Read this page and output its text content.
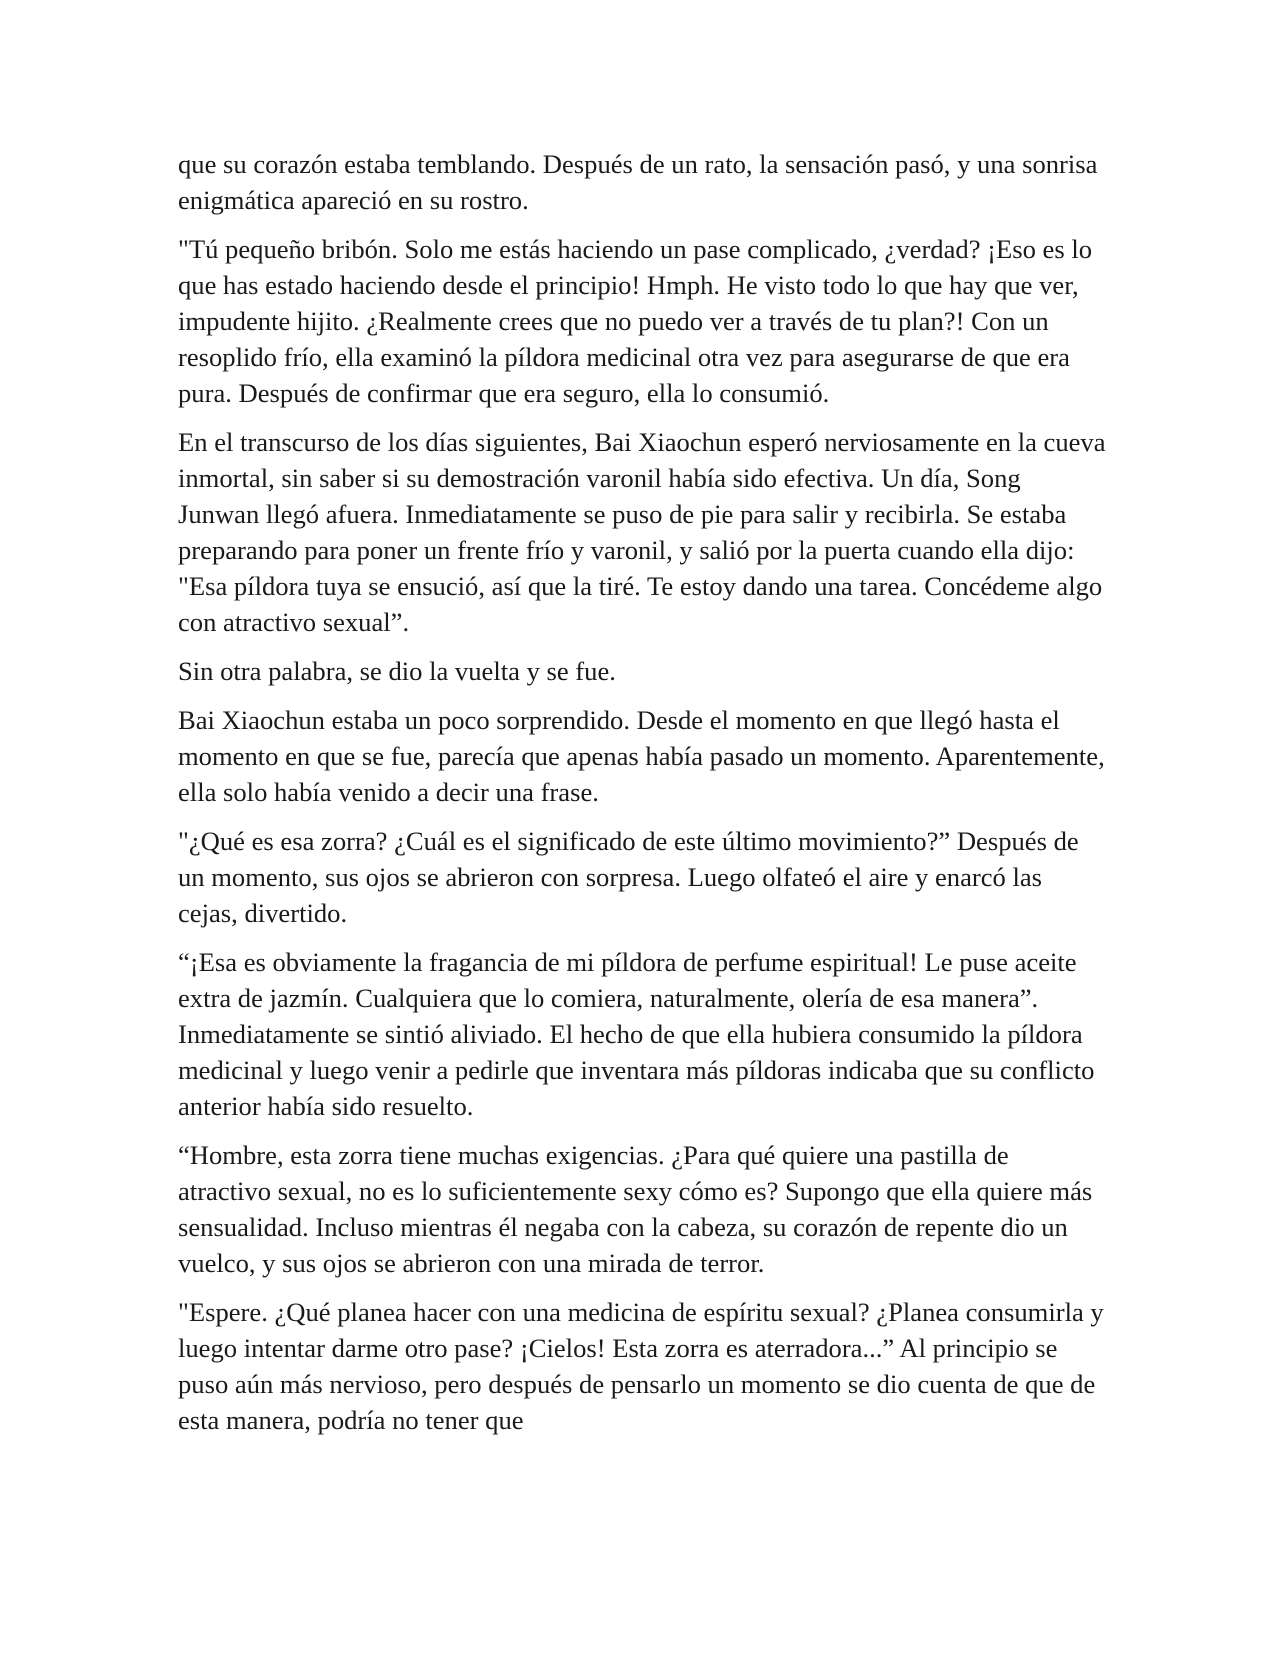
que su corazón estaba temblando. Después de un rato, la sensación pasó, y una sonrisa enigmática apareció en su rostro.

"Tú pequeño bribón. Solo me estás haciendo un pase complicado, ¿verdad? ¡Eso es lo que has estado haciendo desde el principio! Hmph. He visto todo lo que hay que ver, impudente hijito. ¿Realmente crees que no puedo ver a través de tu plan?! Con un resoplido frío, ella examinó la píldora medicinal otra vez para asegurarse de que era pura. Después de confirmar que era seguro, ella lo consumió.

En el transcurso de los días siguientes, Bai Xiaochun esperó nerviosamente en la cueva inmortal, sin saber si su demostración varonil había sido efectiva. Un día, Song Junwan llegó afuera. Inmediatamente se puso de pie para salir y recibirla. Se estaba preparando para poner un frente frío y varonil, y salió por la puerta cuando ella dijo: "Esa píldora tuya se ensució, así que la tiré. Te estoy dando una tarea. Concédeme algo con atractivo sexual”.

Sin otra palabra, se dio la vuelta y se fue.

Bai Xiaochun estaba un poco sorprendido. Desde el momento en que llegó hasta el momento en que se fue, parecía que apenas había pasado un momento. Aparentemente, ella solo había venido a decir una frase.

"¿Qué es esa zorra? ¿Cuál es el significado de este último movimiento?” Después de un momento, sus ojos se abrieron con sorpresa. Luego olfateó el aire y enarcó las cejas, divertido.

“¡Esa es obviamente la fragancia de mi píldora de perfume espiritual! Le puse aceite extra de jazmín. Cualquiera que lo comiera, naturalmente, olería de esa manera”. Inmediatamente se sintió aliviado. El hecho de que ella hubiera consumido la píldora medicinal y luego venir a pedirle que inventara más píldoras indicaba que su conflicto anterior había sido resuelto.

“Hombre, esta zorra tiene muchas exigencias. ¿Para qué quiere una pastilla de atractivo sexual, no es lo suficientemente sexy cómo es? Supongo que ella quiere más sensualidad. Incluso mientras él negaba con la cabeza, su corazón de repente dio un vuelco, y sus ojos se abrieron con una mirada de terror.

"Espere. ¿Qué planea hacer con una medicina de espíritu sexual? ¿Planea consumirla y luego intentar darme otro pase? ¡Cielos! Esta zorra es aterradora...” Al principio se puso aún más nervioso, pero después de pensarlo un momento se dio cuenta de que de esta manera, podría no tener que
